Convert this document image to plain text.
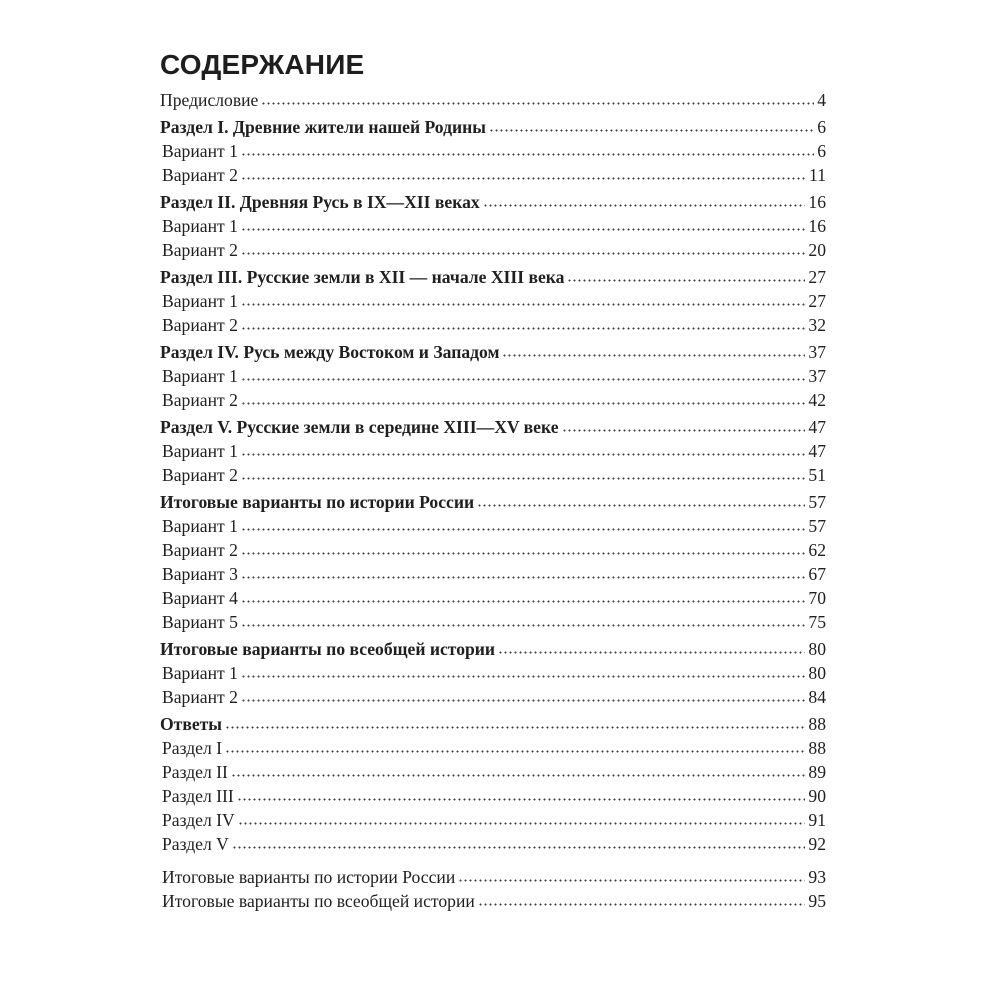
СОДЕРЖАНИЕ
Предисловие	4
Раздел I. Древние жители нашей Родины	6
Вариант 1	6
Вариант 2	11
Раздел II. Древняя Русь в IX—XII веках	16
Вариант 1	16
Вариант 2	20
Раздел III. Русские земли в XII — начале XIII века	27
Вариант 1	27
Вариант 2	32
Раздел IV. Русь между Востоком и Западом	37
Вариант 1	37
Вариант 2	42
Раздел V. Русские земли в середине XIII—XV веке	47
Вариант 1	47
Вариант 2	51
Итоговые варианты по истории России	57
Вариант 1	57
Вариант 2	62
Вариант 3	67
Вариант 4	70
Вариант 5	75
Итоговые варианты по всеобщей истории	80
Вариант 1	80
Вариант 2	84
Ответы	88
Раздел I	88
Раздел II	89
Раздел III	90
Раздел IV	91
Раздел V	92
Итоговые варианты по истории России	93
Итоговые варианты по всеобщей истории	95
